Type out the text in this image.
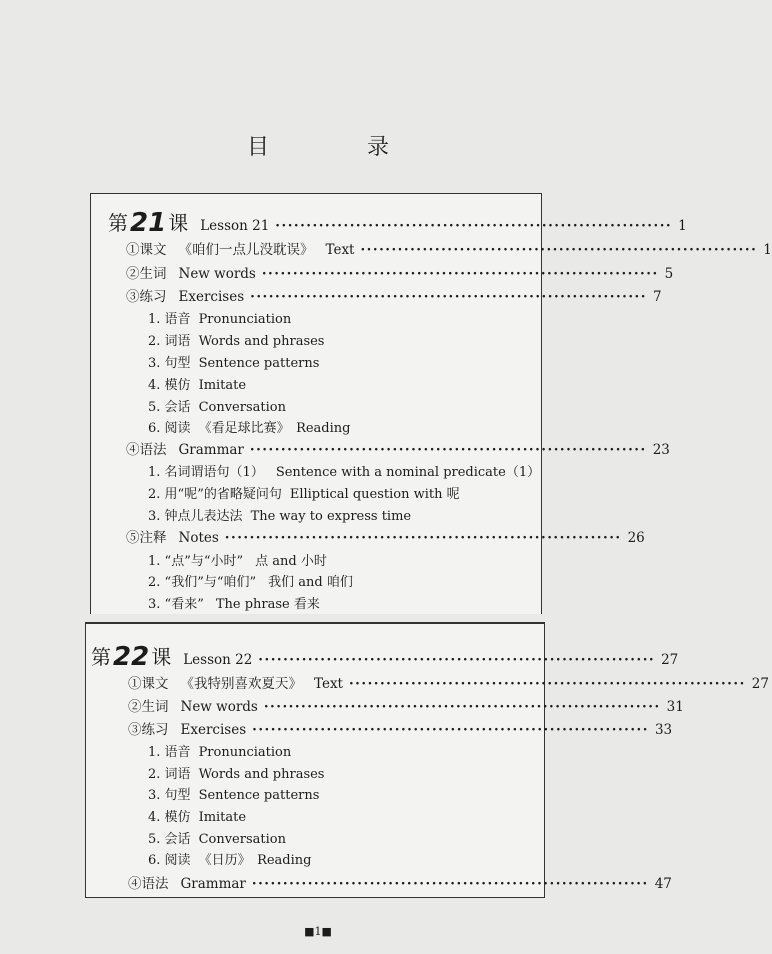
目　录
第21 课 Lesson 21 ································································ 1
①课文 《咱们一点儿没耽误》 Text ································································ 1
②生词 New words ································································ 5
③练习 Exercises ································································ 7
1. 语音 Pronunciation
2. 词语 Words and phrases
3. 句型 Sentence patterns
4. 模仿 Imitate
5. 会话 Conversation
6. 阅读 《看足球比赛》　Reading
④语法 Grammar ································································ 23
1. 名词谓语句（1） Sentence with a nominal predicate（1）
2. 用“呢”的省略疑问句 Elliptical question with 呢
3. 钟点儿表达法 The way to express time
⑤注释 Notes ································································ 26
1. “点”与“小时” 点 and 小时
2. “我们”与“咱们” 我们 and 咱们
3. “看来” The phrase 看来
第22 课 Lesson 22 ································································ 27
①课文 《我特别喜欢夏天》 Text ································································ 27
②生词 New words ································································ 31
③练习 Exercises ································································ 33
1. 语音 Pronunciation
2. 词语 Words and phrases
3. 句型 Sentence patterns
4. 模仿 Imitate
5. 会话 Conversation
6. 阅读 《日历》　Reading
④语法 Grammar ································································ 47
■1■
